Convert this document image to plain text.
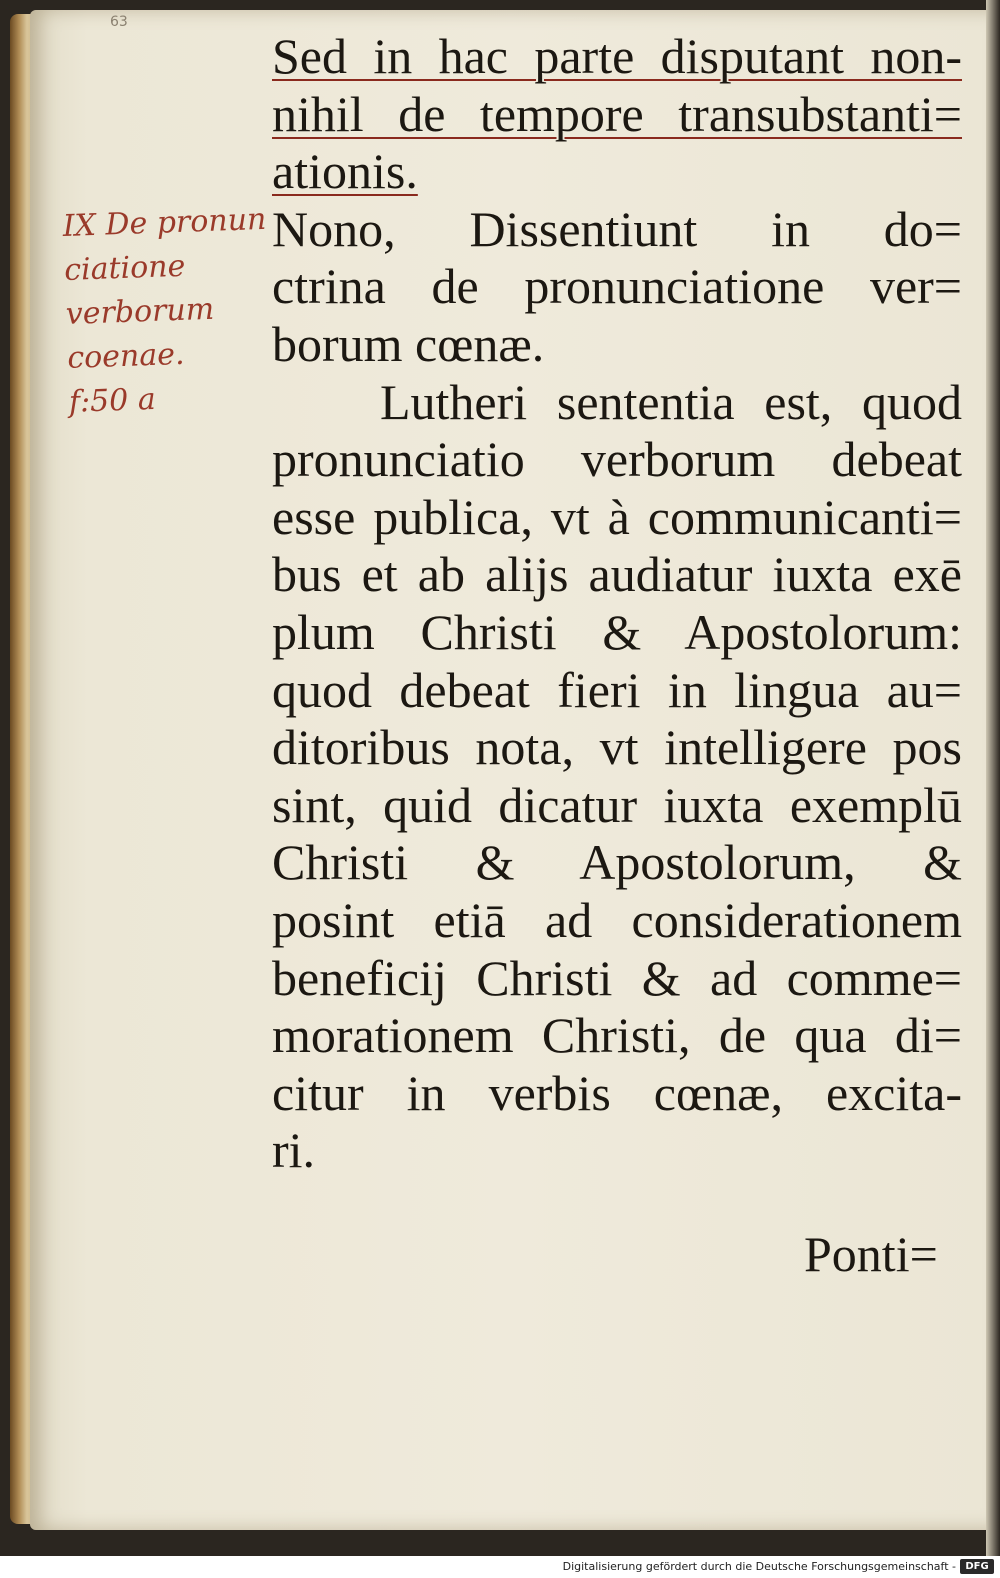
63
IX De pronun
ciatione
verborum
coenae.
f:50 a
Sed in hac parte disputant non-
nihil de tempore transubstanti=
ationis.
Nono, Dissentiunt in do=
ctrina de pronunciatione ver=
borum cœnæ.
Lutheri sententia est, quod
pronunciatio verborum debeat
esse publica, vt à communicanti=
bus et ab alijs audiatur iuxta exē
plum Christi & Apostolorum:
quod debeat fieri in lingua au=
ditoribus nota, vt intelligere pos
sint, quid dicatur iuxta exemplū
Christi & Apostolorum, &
posint etiā ad considerationem
beneficij Christi & ad comme=
morationem Christi, de qua di=
citur in verbis cœnæ, excita-
ri.
Ponti=
Digitalisierung gefördert durch die Deutsche Forschungsgemeinschaft - DFG
